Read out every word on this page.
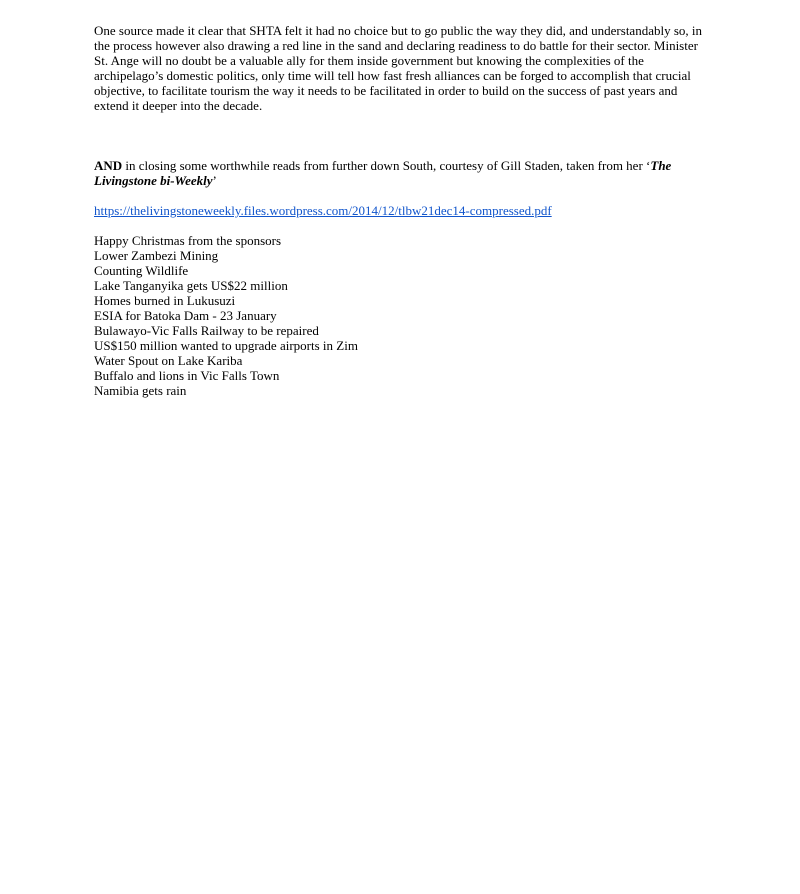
One source made it clear that SHTA felt it had no choice but to go public the way they did, and understandably so, in the process however also drawing a red line in the sand and declaring readiness to do battle for their sector. Minister St. Ange will no doubt be a valuable ally for them inside government but knowing the complexities of the archipelago’s domestic politics, only time will tell how fast fresh alliances can be forged to accomplish that crucial objective, to facilitate tourism the way it needs to be facilitated in order to build on the success of past years and extend it deeper into the decade.

AND in closing some worthwhile reads from further down South, courtesy of Gill Staden, taken from her ‘The Livingstone bi-Weekly’

https://thelivingstoneweekly.files.wordpress.com/2014/12/tlbw21dec14-compressed.pdf

Happy Christmas from the sponsors
Lower Zambezi Mining
Counting Wildlife
Lake Tanganyika gets US$22 million
Homes burned in Lukusuzi
ESIA for Batoka Dam - 23 January
Bulawayo-Vic Falls Railway to be repaired
US$150 million wanted to upgrade airports in Zim
Water Spout on Lake Kariba
Buffalo and lions in Vic Falls Town
Namibia gets rain
